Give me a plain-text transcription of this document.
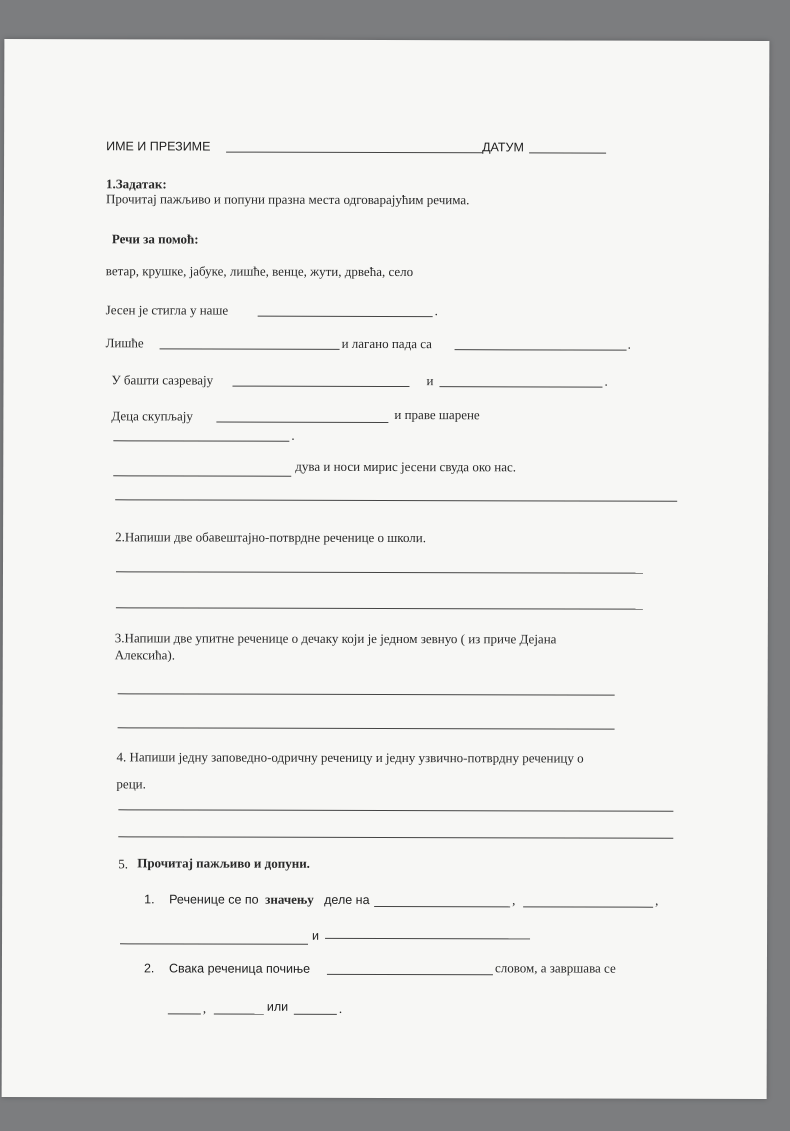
ИМЕ И ПРЕЗИМЕ	ДАТУМ
1.Задатак:
Прочитај пажљиво и попуни празна места одговарајућим речима.
Речи за помоћ:
ветар, крушке, јабуке, лишће, венце, жути, дрвећа, село
Јесен је стигла у наше	.
Лишће	и лагано пада са	.
У башти сазревају	и	.
Деца скупљају	и праве шарене
.
дува и носи мирис јесени свуда око нас.
2.Напиши две обавештајно-потврдне реченице о школи.
3.Напиши две упитне реченице о дечаку који је једном зевнуо ( из приче Дејана
Алексића).
4. Напиши једну заповедно-одричну реченицу и једну узвично-потврдну реченицу о
реци.
5. Прочитај пажљиво и допуни.
1. Реченице се по значењу деле на	,	,
и
2. Свака реченица почиње	словом, а завршава се
,	или	.
